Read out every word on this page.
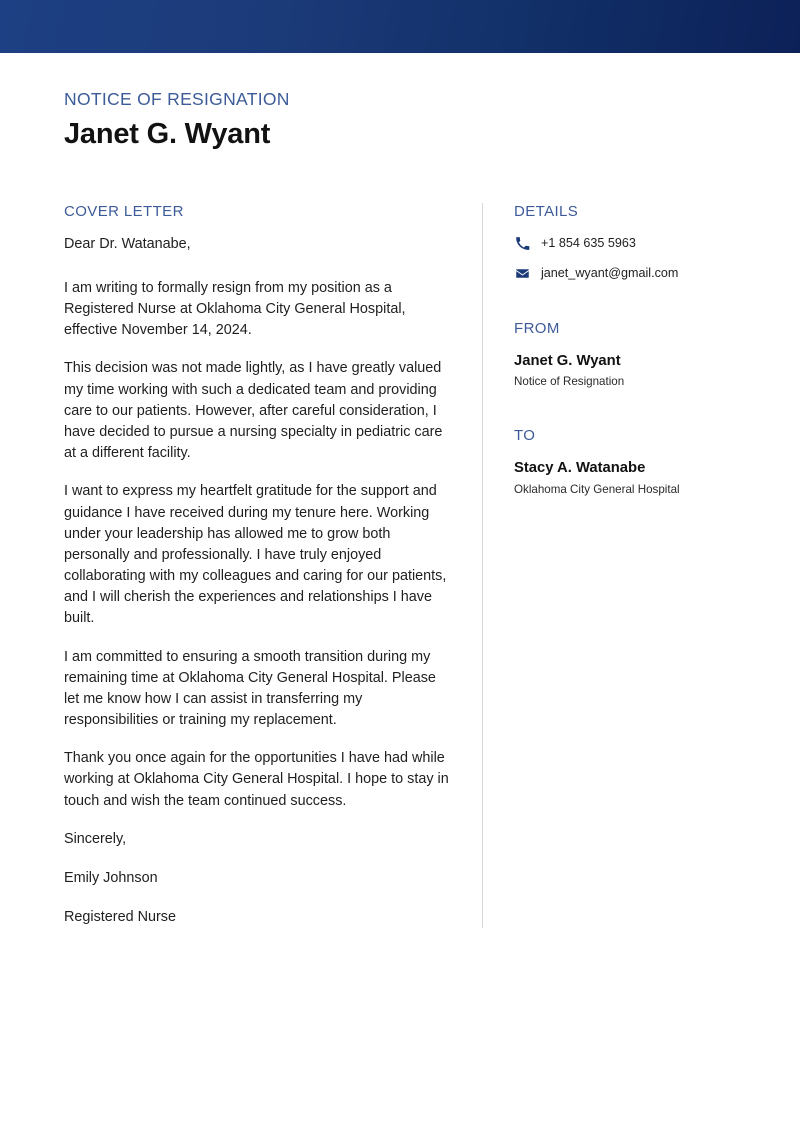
NOTICE OF RESIGNATION
Janet G. Wyant
COVER LETTER

Dear Dr. Watanabe,

I am writing to formally resign from my position as a Registered Nurse at Oklahoma City General Hospital, effective November 14, 2024.

This decision was not made lightly, as I have greatly valued my time working with such a dedicated team and providing care to our patients. However, after careful consideration, I have decided to pursue a nursing specialty in pediatric care at a different facility.

I want to express my heartfelt gratitude for the support and guidance I have received during my tenure here. Working under your leadership has allowed me to grow both personally and professionally. I have truly enjoyed collaborating with my colleagues and caring for our patients, and I will cherish the experiences and relationships I have built.

I am committed to ensuring a smooth transition during my remaining time at Oklahoma City General Hospital. Please let me know how I can assist in transferring my responsibilities or training my replacement.

Thank you once again for the opportunities I have had while working at Oklahoma City General Hospital. I hope to stay in touch and wish the team continued success.

Sincerely,

Emily Johnson

Registered Nurse

DETAILS
+1 854 635 5963
janet_wyant@gmail.com
FROM
Janet G. Wyant
Notice of Resignation
TO
Stacy A. Watanabe
Oklahoma City General Hospital
